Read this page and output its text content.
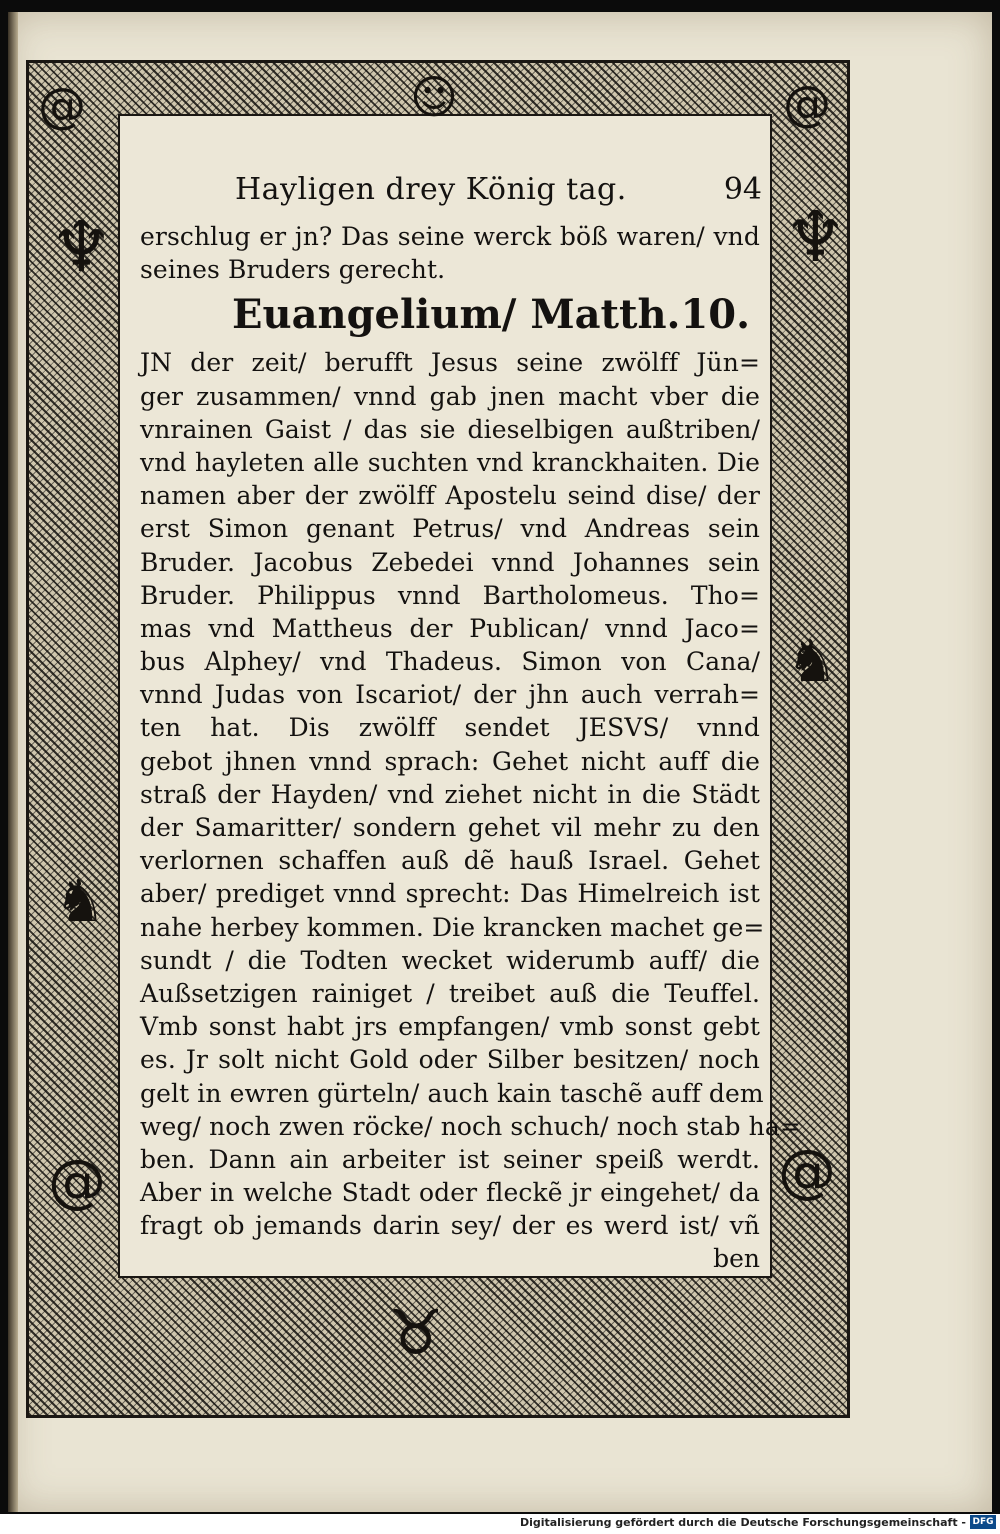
@	☺	@
♆	♆
♞
♞
@	@
♉
Hayligen drey König tag.	94
erschlug er jn? Das seine werck böß waren/ vnd
seines Bruders gerecht.
Euangelium/ Matth.10.
JN der zeit/ berufft Jesus seine zwölff Jün=
ger zusammen/ vnnd gab jnen macht vber die
vnrainen Gaist / das sie dieselbigen außtriben/
vnd hayleten alle suchten vnd kranckhaiten. Die
namen aber der zwölff Apostelu seind dise/ der
erst Simon genant Petrus/ vnd Andreas sein
Bruder. Jacobus Zebedei vnnd Johannes sein
Bruder. Philippus vnnd Bartholomeus. Tho=
mas vnd Mattheus der Publican/ vnnd Jaco=
bus Alphey/ vnd Thadeus. Simon von Cana/
vnnd Judas von Iscariot/ der jhn auch verrah=
ten hat. Dis zwölff sendet JESVS/ vnnd
gebot jhnen vnnd sprach: Gehet nicht auff die
straß der Hayden/ vnd ziehet nicht in die Städt
der Samaritter/ sondern gehet vil mehr zu den
verlornen schaffen auß dẽ hauß Israel. Gehet
aber/ prediget vnnd sprecht: Das Himelreich ist
nahe herbey kommen. Die krancken machet ge=
sundt / die Todten wecket widerumb auff/ die
Außsetzigen rainiget / treibet auß die Teuffel.
Vmb sonst habt jrs empfangen/ vmb sonst gebt
es. Jr solt nicht Gold oder Silber besitzen/ noch
gelt in ewren gürteln/ auch kain taschẽ auff dem
weg/ noch zwen röcke/ noch schuch/ noch stab ha=
ben. Dann ain arbeiter ist seiner speiß werdt.
Aber in welche Stadt oder fleckẽ jr eingehet/ da
fragt ob jemands darin sey/ der es werd ist/ vñ
ben
Digitalisierung gefördert durch die Deutsche Forschungsgemeinschaft - DFG
